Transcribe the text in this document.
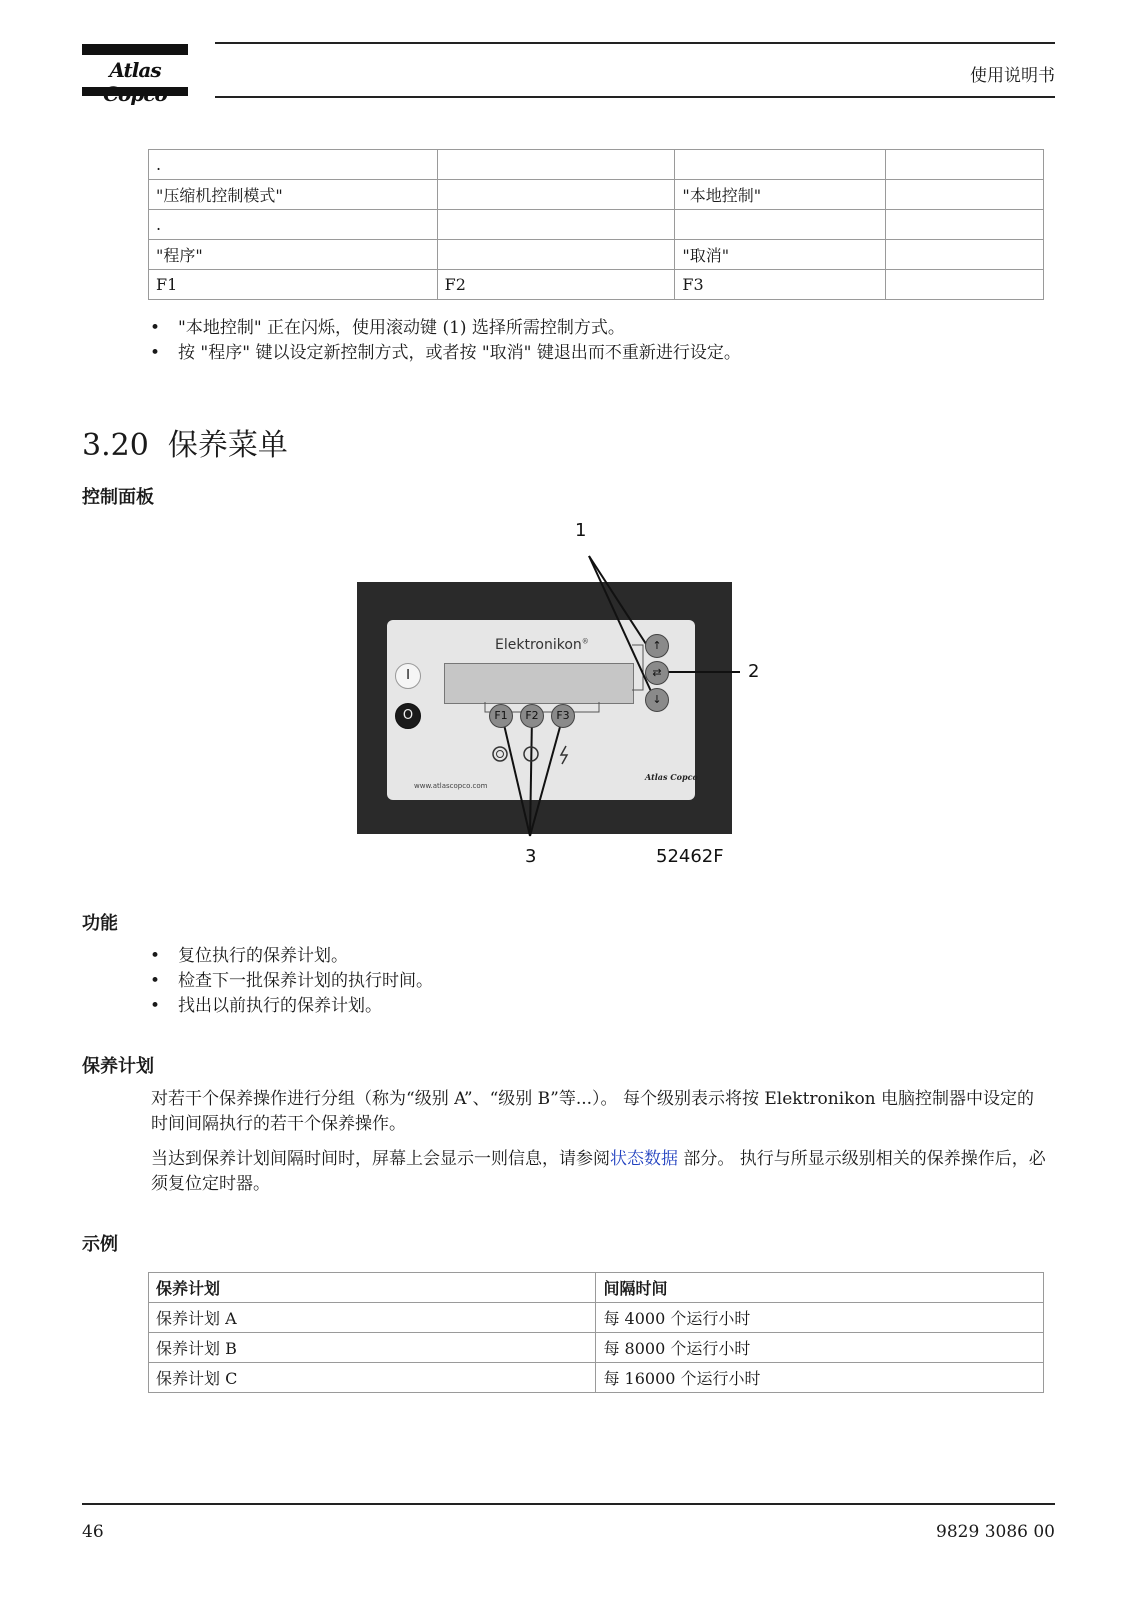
Atlas	使用说明书
.			
"压缩机控制模式"		"本地控制"	
.			
"程序"		"取消"	
F1	F2	F3	
• "本地控制" 正在闪烁，使用滚动键 (1) 选择所需控制方式。
• 按 "程序" 键以设定新控制方式，或者按 "取消" 键退出而不重新进行设定。
3.20 保养菜单
控制面板
Elektronikon®
I
O	F1	F2	F3
↑
⇄
↓
www.atlascopco.com
Atlas Copco
1
2
3	52462F
功能
• 复位执行的保养计划。
• 检查下一批保养计划的执行时间。
• 找出以前执行的保养计划。
保养计划

对若干个保养操作进行分组（称为“级别 A”、“级别 B”等...）。 每个级别表示将按 Elektronikon 电脑控制器中设定的时间间隔执行的若干个保养操作。

当达到保养计划间隔时间时，屏幕上会显示一则信息，请参阅状态数据 部分。 执行与所显示级别相关的保养操作后，必须复位定时器。

示例
保养计划	间隔时间
保养计划 A	每 4000 个运行小时
保养计划 B	每 8000 个运行小时
保养计划 C	每 16000 个运行小时
46	9829 3086 00
